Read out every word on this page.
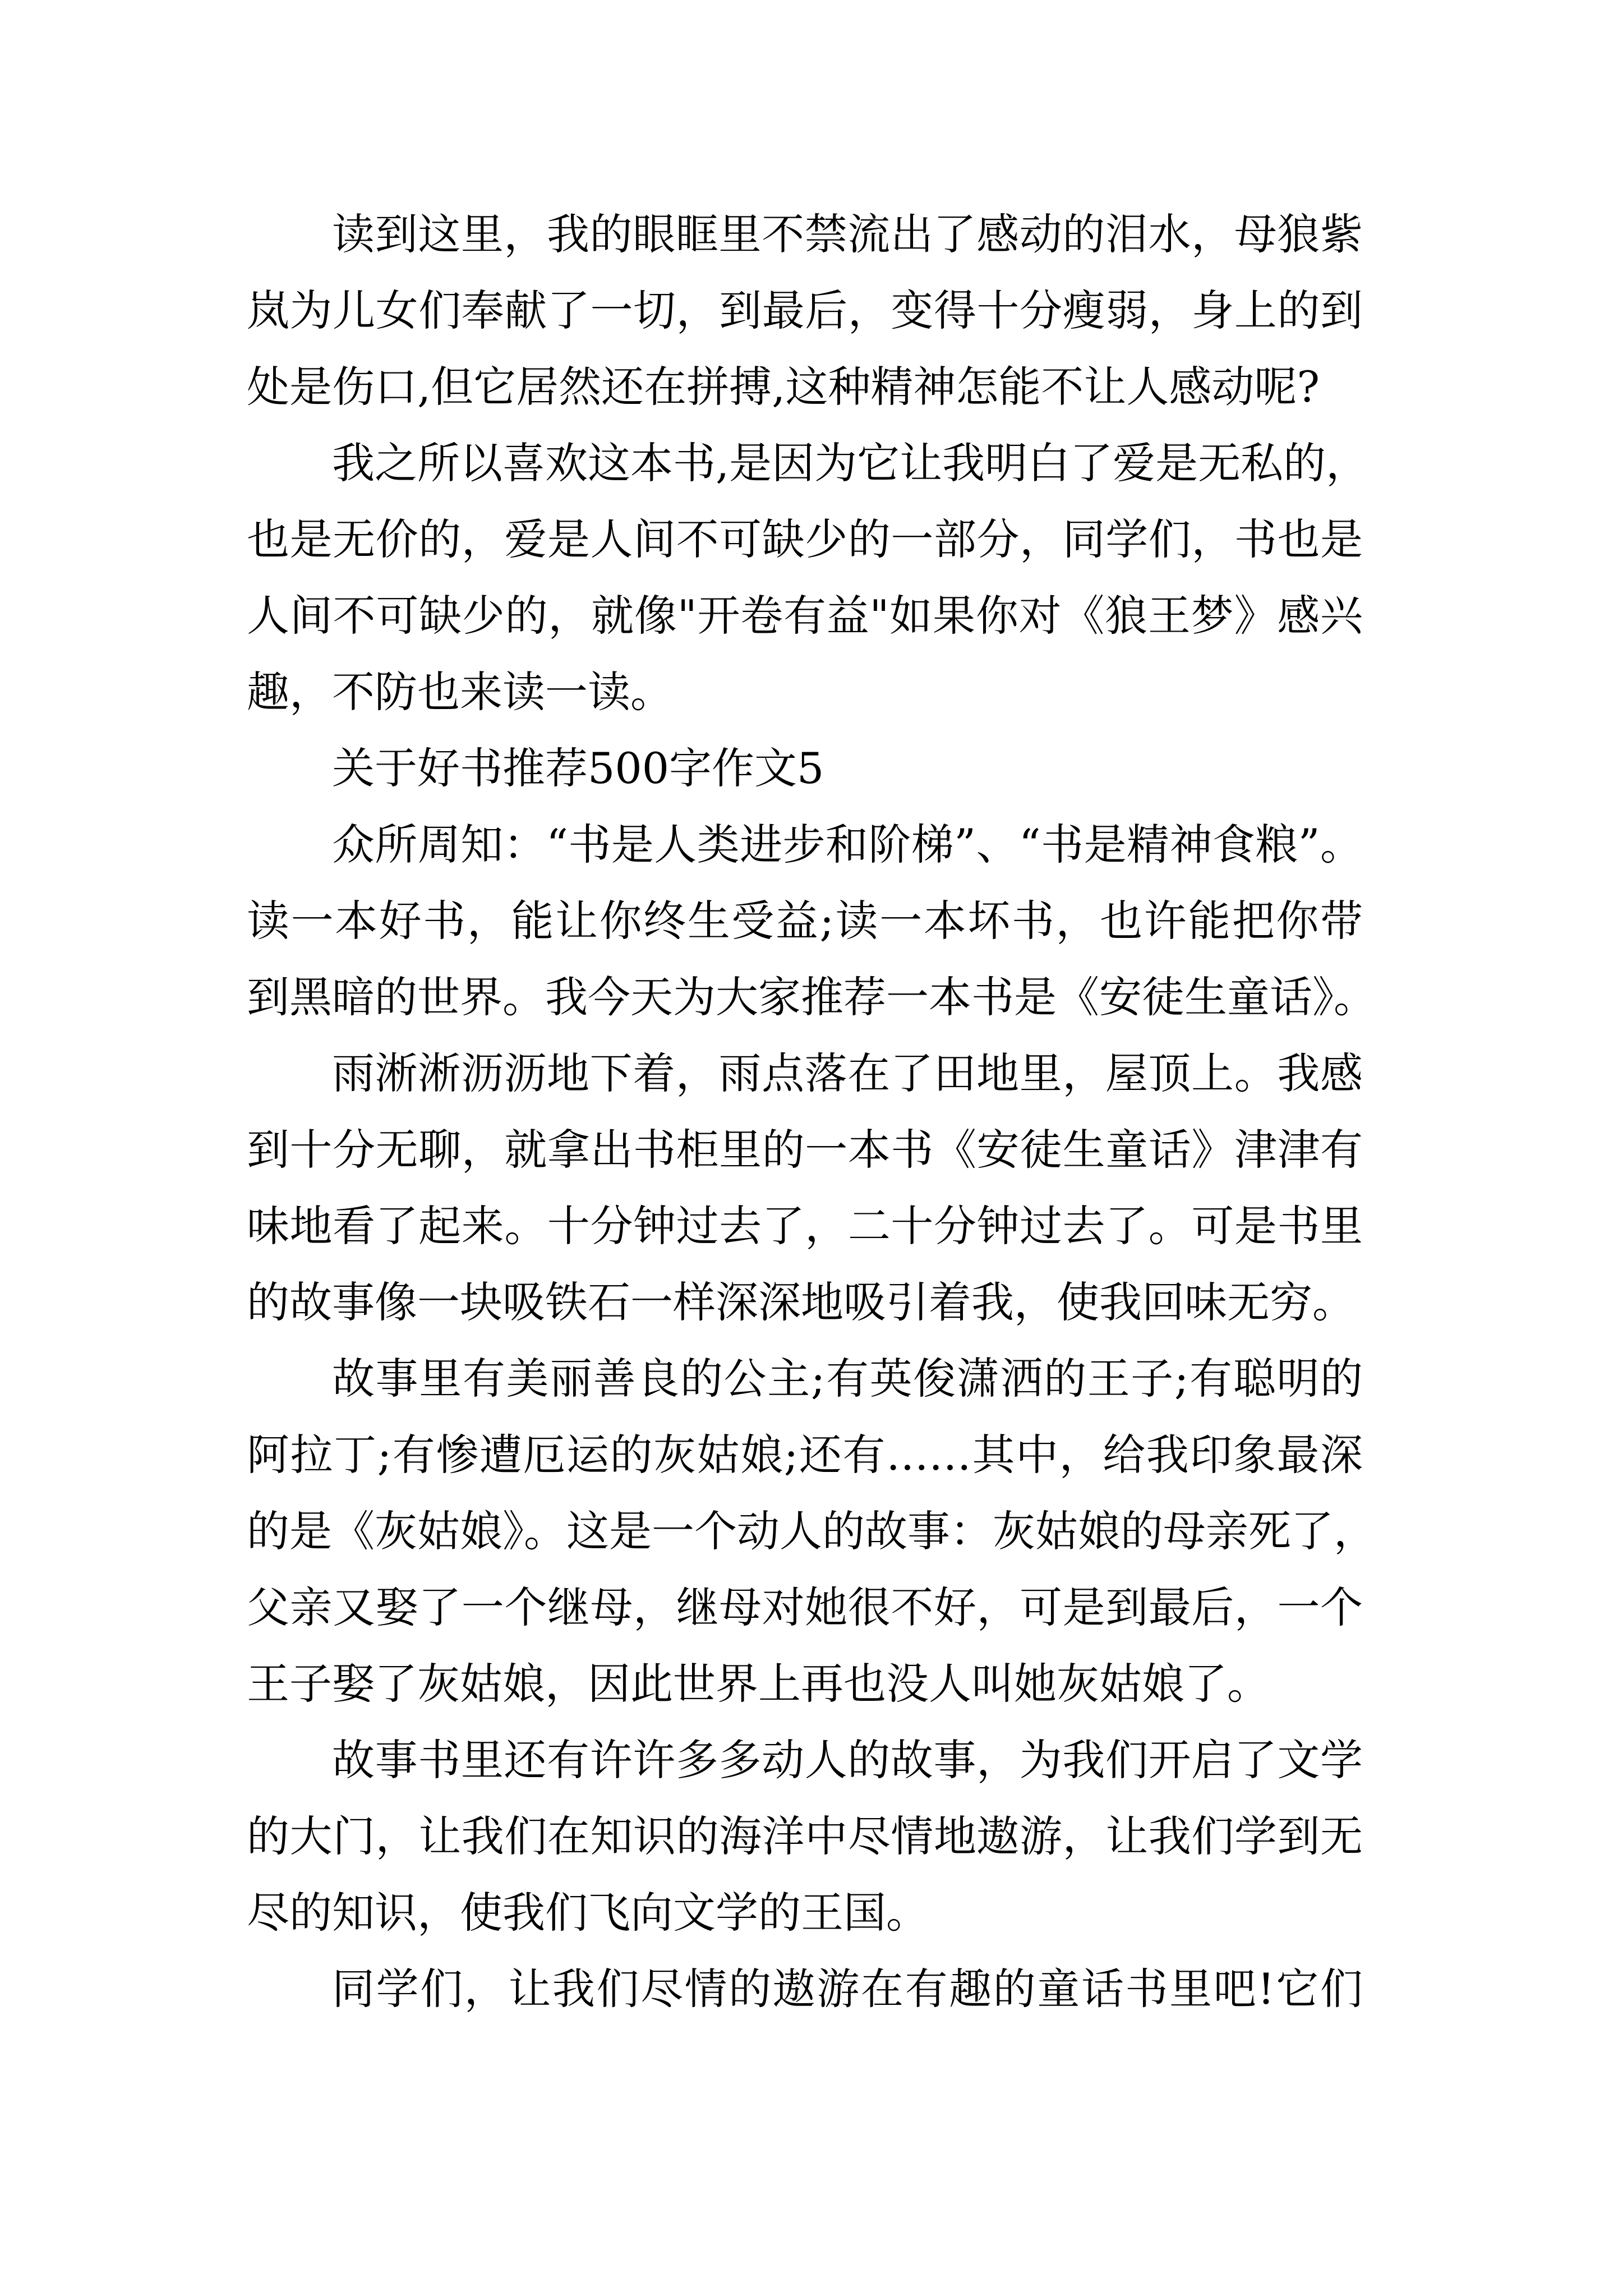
读到这里，我的眼眶里不禁流出了感动的泪水，母狼紫
岚为儿女们奉献了一切，到最后，变得十分瘦弱，身上的到
处是伤口,但它居然还在拼搏,这种精神怎能不让人感动呢?
我之所以喜欢这本书,是因为它让我明白了爱是无私的，
也是无价的，爱是人间不可缺少的一部分，同学们，书也是
人间不可缺少的，就像"开卷有益"如果你对《狼王梦》感兴
趣，不防也来读一读。
关于好书推荐500字作文5
众所周知：“书是人类进步和阶梯”、“书是精神食粮”。
读一本好书，能让你终生受益;读一本坏书，也许能把你带
到黑暗的世界。我今天为大家推荐一本书是《安徒生童话》。
雨淅淅沥沥地下着，雨点落在了田地里，屋顶上。我感
到十分无聊，就拿出书柜里的一本书《安徒生童话》津津有
味地看了起来。十分钟过去了，二十分钟过去了。可是书里
的故事像一块吸铁石一样深深地吸引着我，使我回味无穷。
故事里有美丽善良的公主;有英俊潇洒的王子;有聪明的
阿拉丁;有惨遭厄运的灰姑娘;还有……其中，给我印象最深
的是《灰姑娘》。这是一个动人的故事：灰姑娘的母亲死了，
父亲又娶了一个继母，继母对她很不好，可是到最后，一个
王子娶了灰姑娘，因此世界上再也没人叫她灰姑娘了。
故事书里还有许许多多动人的故事，为我们开启了文学
的大门，让我们在知识的海洋中尽情地遨游，让我们学到无
尽的知识，使我们飞向文学的王国。
同学们，让我们尽情的遨游在有趣的童话书里吧!它们
